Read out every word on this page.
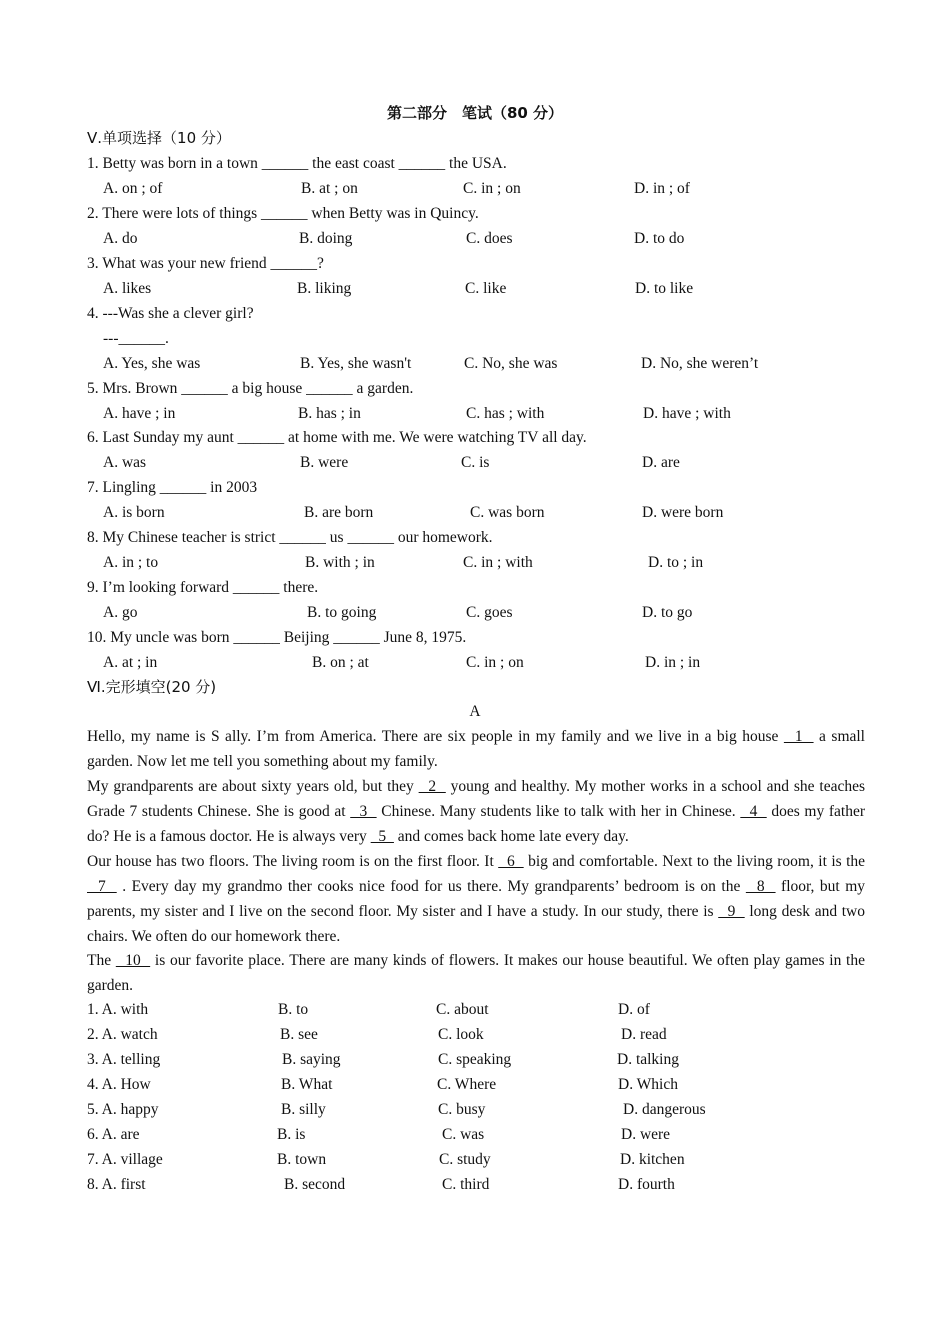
第二部分　笔试（80 分）
Ⅴ.单项选择（10 分）
1. Betty was born in a town ______ the east coast ______ the USA.
A. on ; of	B. at ; on	C. in ; on	D. in ; of
2. There were lots of things ______ when Betty was in Quincy.
A. do	B. doing	C. does	D. to do
3. What was your new friend ______?
A. likes	B. liking	C. like	D. to like
4. ---Was she a clever girl?
---______.
A. Yes, she was	B. Yes, she wasn't	C. No, she was	D. No, she weren’t
5. Mrs. Brown ______ a big house ______ a garden.
A. have ; in	B. has ; in	C. has ; with	D. have ; with
6. Last Sunday my aunt ______ at home with me. We were watching TV all day.
A. was	B. were	C. is	D. are
7. Lingling ______ in 2003
A. is born	B. are born	C. was born	D. were born
8. My Chinese teacher is strict ______ us ______ our homework.
A. in ; to	B. with ; in	C. in ; with	D. to ; in
9. I’m looking forward ______ there.
A. go	B. to going	C. goes	D. to go
10. My uncle was born ______ Beijing ______ June 8, 1975.
A. at ; in	B. on ; at	C. in ; on	D. in ; in
Ⅵ.完形填空(20 分)
A
Hello, my name is S ally. I’m from America. There are six people in my family and we live in a big house   1   a small garden. Now let me tell you something about my family.
My grandparents are about sixty years old, but they   2   young and healthy. My mother works in a school and she teaches Grade 7 students Chinese. She is good at   3   Chinese. Many students like to talk with her in Chinese.   4   does my father do? He is a famous doctor. He is always very   5   and comes back home late every day.
Our house has two floors. The living room is on the first floor. It   6   big and comfortable. Next to the living room, it is the   7   . Every day my grandmo ther cooks nice food for us there. My grandparents’ bedroom is on the   8   floor, but my parents, my sister and I live on the second floor. My sister and I have a study. In our study, there is   9   long desk and two chairs. We often do our homework there.
The   10   is our favorite place. There are many kinds of flowers. It makes our house beautiful. We often play games in the garden.
1. A. with	B. to	C. about	D. of
2. A. watch	B. see	C. look	D. read
3. A. telling	B. saying	C. speaking	D. talking
4. A. How	B. What	C. Where	D. Which
5. A. happy	B. silly	C. busy	D. dangerous
6. A. are	B. is	C. was	D. were
7. A. village	B. town	C. study	D. kitchen
8. A. first	B. second	C. third	D. fourth
